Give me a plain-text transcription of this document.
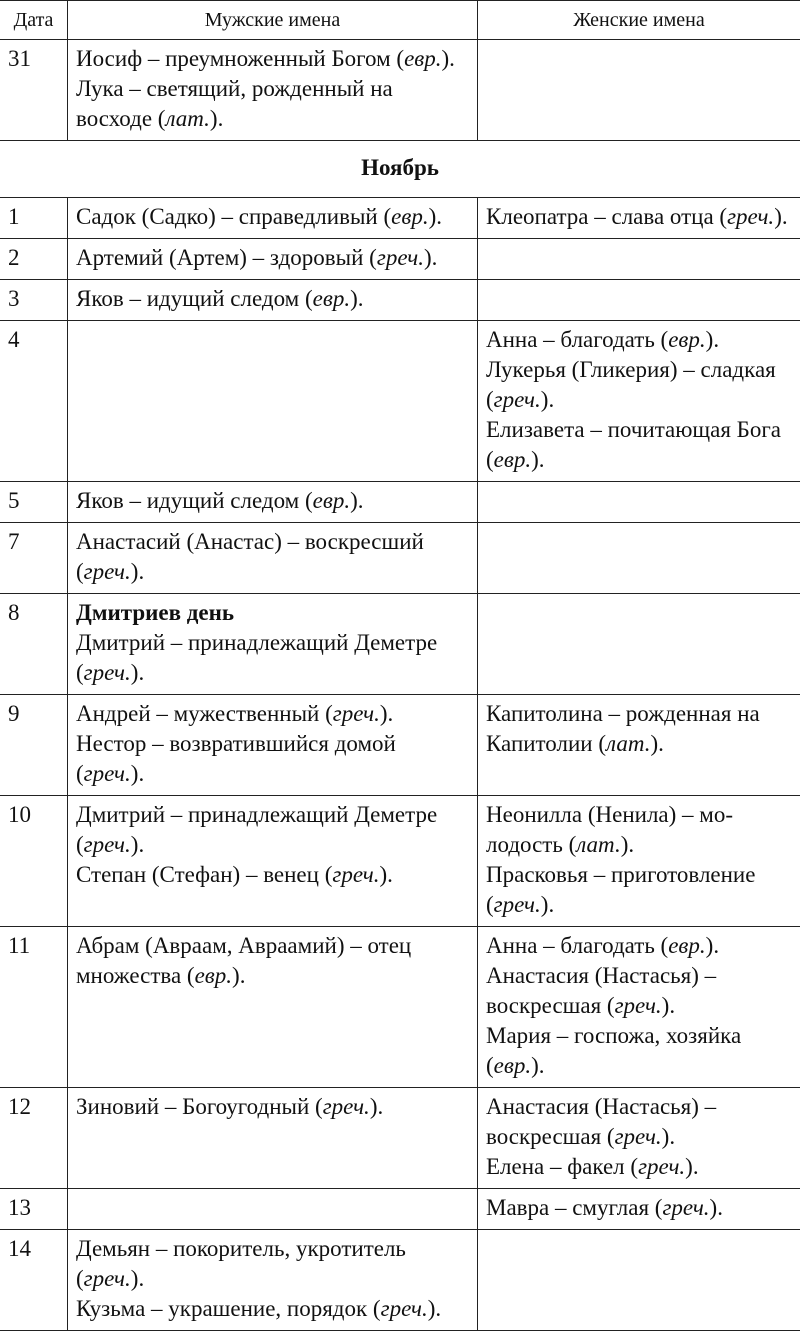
Дата	Мужские имена	Женские имена
31	Иосиф – преумноженный Богом (евр.).
Лука – светящий, рожденный на восходе (лат.).	

Ноябрь		
1	Садок (Садко) – справедливый (евр.).	Клеопатра – слава отца (греч.).

2	Артемий (Артем) – здоровый (греч.).	

3	Яков – идущий следом (евр.).	

4		Анна – благодать (евр.).
Лукерья (Гликерия) – сладкая (греч.).
Елизавета – почитающая Бога (евр.).

5	Яков – идущий следом (евр.).	

7	Анастасий (Анастас) – воскресший (греч.).	

8	Дмитриев день
Дмитрий – принадлежащий Деметре (греч.).	

9	Андрей – мужественный (греч.).
Нестор – возвратившийся домой (греч.).	Капитолина – рожденная на Капитолии (лат.).

10	Дмитрий – принадлежащий Деметре (греч.).
Степан (Стефан) – венец (греч.).	Неонилла (Ненила) – молодость (лат.).
Прасковья – приготовление (греч.).

11	Абрам (Авраам, Авраамий) – отец множества (евр.).	Анна – благодать (евр.).
Анастасия (Настасья) – воскресшая (греч.).
Мария – госпожа, хозяйка (евр.).

12	Зиновий – Богоугодный (греч.).	Анастасия (Настасья) – воскресшая (греч.).
Елена – факел (греч.).

13		Мавра – смуглая (греч.).

14	Демьян – покоритель, укротитель (греч.).
Кузьма – украшение, порядок (греч.).	
